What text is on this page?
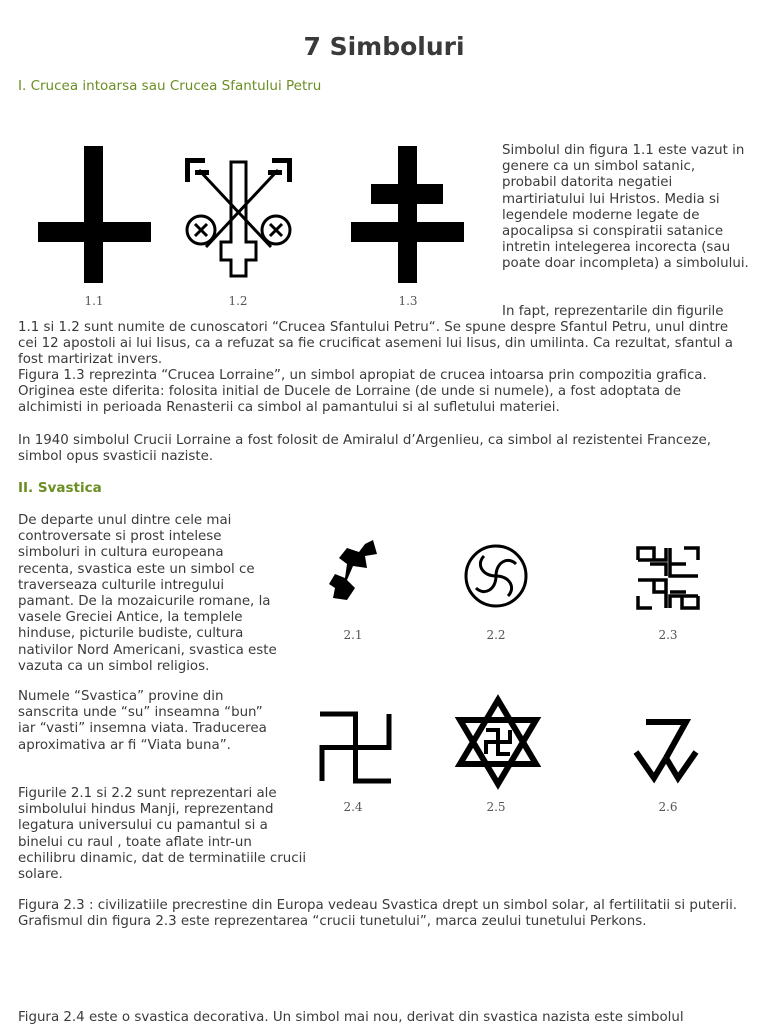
7 Simboluri
I. Crucea intoarsa sau Crucea Sfantului Petru
1.1	1.2	1.3

Simbolul din figura 1.1 este vazut in genere ca un simbol satanic, probabil datorita negatiei martiriatului lui Hristos. Media si legendele moderne legate de apocalipsa si conspiratii satanice intretin intelegerea incorecta (sau poate doar incompleta) a simbolului.

In fapt, reprezentarile din figurile

1.1 si 1.2 sunt numite de cunoscatori “Crucea Sfantului Petru“. Se spune despre Sfantul Petru, unul dintre

cei 12 apostoli ai lui Iisus, ca a refuzat sa fie crucificat asemeni lui Iisus, din umilinta. Ca rezultat, sfantul a

fost martirizat invers.

Figura 1.3 reprezinta “Crucea Lorraine”, un simbol apropiat de crucea intoarsa prin compozitia grafica.

Originea este diferita: folosita initial de Ducele de Lorraine (de unde si numele), a fost adoptata de

alchimisti in perioada Renasterii ca simbol al pamantului si al sufletului materiei.

In 1940 simbolul Crucii Lorraine a fost folosit de Amiralul d’Argenlieu, ca simbol al rezistentei Franceze,

simbol opus svasticii naziste.

II. Svastica

De departe unul dintre cele mai controversate si prost intelese simboluri in cultura europeana recenta, svastica este un simbol ce traverseaza culturile intregului pamant. De la mozaicurile romane, la vasele Greciei Antice, la templele hinduse, picturile budiste, cultura nativilor Nord Americani, svastica este vazuta ca un simbol religios.

Numele “Svastica” provine din sanscrita unde “su” inseamna “bun” iar “vasti” insemna viata. Traducerea aproximativa ar fi “Viata buna”.

Figurile 2.1 si 2.2 sunt reprezentari ale simbolului hindus Manji, reprezentand legatura universului cu pamantul si a binelui cu raul , toate aflate intr-un echilibru dinamic, dat de terminatiile crucii solare.

2.1	2.2	2.3
2.4	2.5	2.6

Figura 2.3 : civilizatiile precrestine din Europa vedeau Svastica drept un simbol solar, al fertilitatii si puterii.

Grafismul din figura 2.3 este reprezentarea “crucii tunetului”, marca zeului tunetului Perkons.

Figura 2.4 este o svastica decorativa. Un simbol mai nou, derivat din svastica nazista este simbolul
